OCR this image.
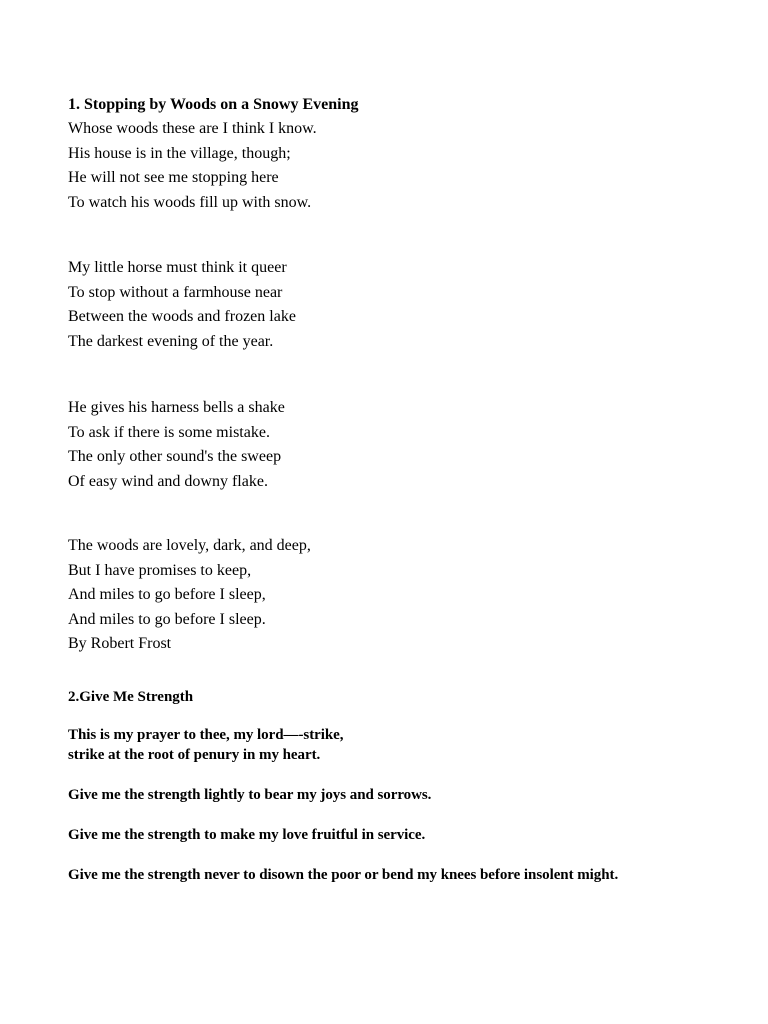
1. Stopping by Woods on a Snowy Evening
Whose woods these are I think I know.
His house is in the village, though;
He will not see me stopping here
To watch his woods fill up with snow.
My little horse must think it queer
To stop without a farmhouse near
Between the woods and frozen lake
The darkest evening of the year.
He gives his harness bells a shake
To ask if there is some mistake.
The only other sound's the sweep
Of easy wind and downy flake.
The woods are lovely, dark, and deep,
But I have promises to keep,
And miles to go before I sleep,
And miles to go before I sleep.
By Robert Frost
2.Give Me Strength
This is my prayer to thee, my lord—-strike,
strike at the root of penury in my heart.
Give me the strength lightly to bear my joys and sorrows.
Give me the strength to make my love fruitful in service.
Give me the strength never to disown the poor or bend my knees before insolent might.
